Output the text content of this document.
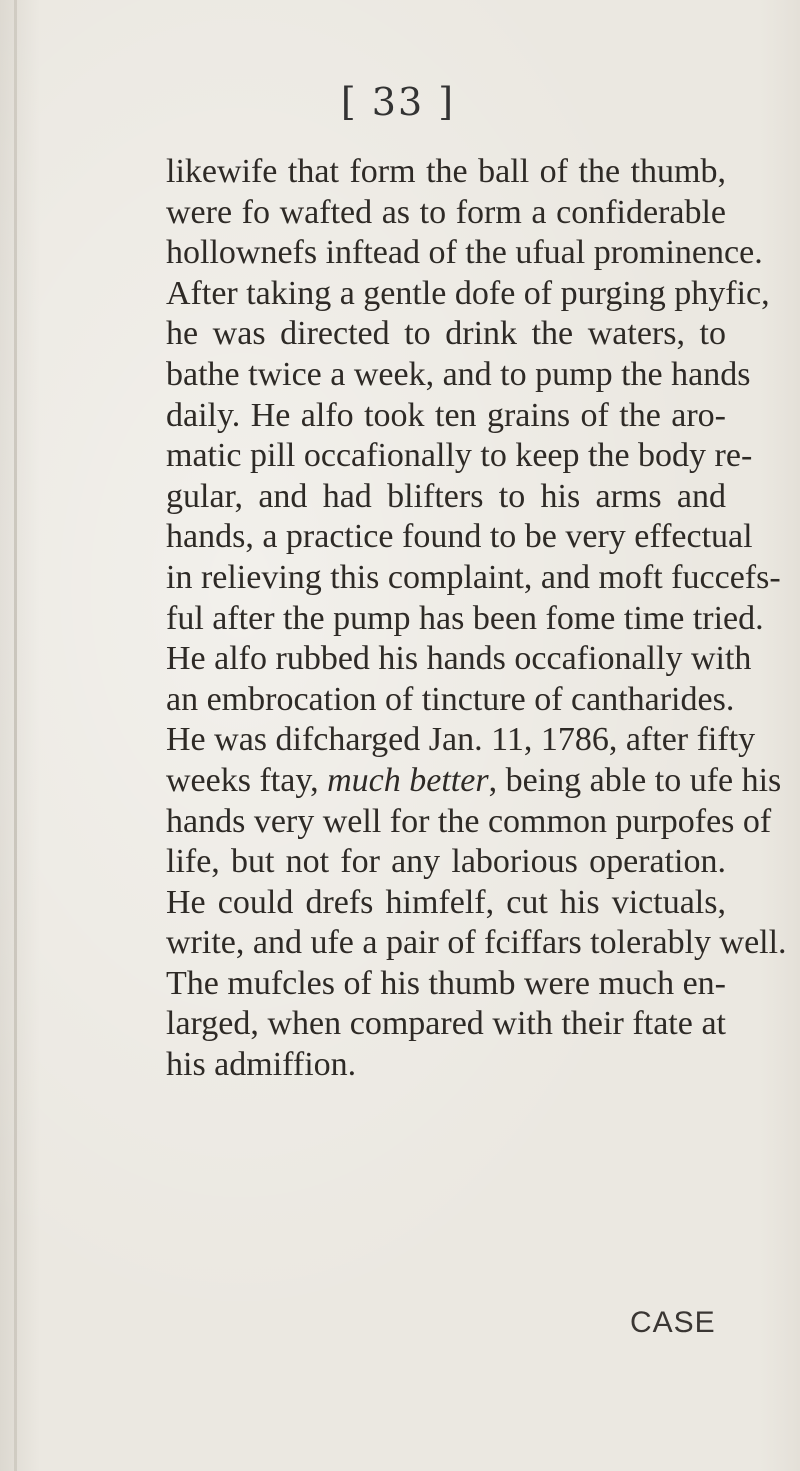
[ 33 ]
likewife that form the ball of the thumb,
were fo wafted as to form a confiderable
hollownefs inftead of the ufual prominence.
After taking a gentle dofe of purging phyfic,
he was directed to drink the waters, to
bathe twice a week, and to pump the hands
daily. He alfo took ten grains of the aro-
matic pill occafionally to keep the body re-
gular, and had blifters to his arms and
hands, a practice found to be very effectual
in relieving this complaint, and moft fuccefs-
ful after the pump has been fome time tried.
He alfo rubbed his hands occafionally with
an embrocation of tincture of cantharides.
He was difcharged Jan. 11, 1786, after fifty
weeks ftay, much better, being able to ufe his
hands very well for the common purpofes of
life, but not for any laborious operation.
He could drefs himfelf, cut his victuals,
write, and ufe a pair of fciffars tolerably well.
The mufcles of his thumb were much en-
larged, when compared with their ftate at
his admiffion.
CASE
